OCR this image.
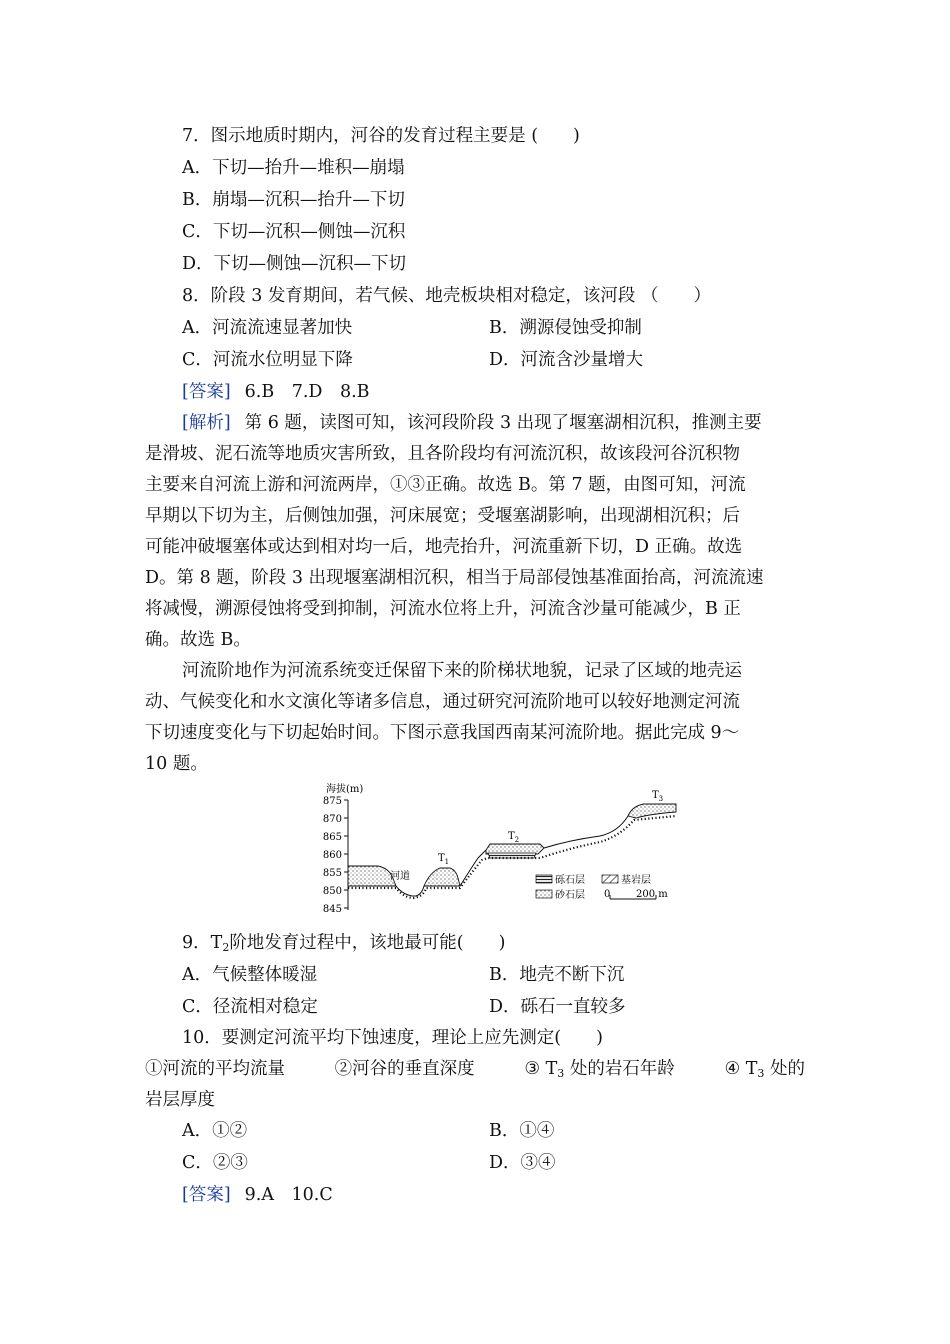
7．图示地质时期内，河谷的发育过程主要是 (　　)
A．下切—抬升—堆积—崩塌
B．崩塌—沉积—抬升—下切
C．下切—沉积—侧蚀—沉积
D．下切—侧蚀—沉积—下切
8．阶段 3 发育期间，若气候、地壳板块相对稳定，该河段 （　　）
A．河流流速显著加快	B．溯源侵蚀受抑制
C．河流水位明显下降	D．河流含沙量增大
[答案] 6.B　7.D　8.B
[解析] 第 6 题，读图可知，该河段阶段 3 出现了堰塞湖相沉积，推测主要
是滑坡、泥石流等地质灾害所致，且各阶段均有河流沉积，故该段河谷沉积物
主要来自河流上游和河流两岸，①③正确。故选 B。第 7 题，由图可知，河流
早期以下切为主，后侧蚀加强，河床展宽；受堰塞湖影响，出现湖相沉积；后
可能冲破堰塞体或达到相对均一后，地壳抬升，河流重新下切，D 正确。故选
D。第 8 题，阶段 3 出现堰塞湖相沉积，相当于局部侵蚀基准面抬高，河流流速
将减慢，溯源侵蚀将受到抑制，河流水位将上升，河流含沙量可能减少，B 正
确。故选 B。
河流阶地作为河流系统变迁保留下来的阶梯状地貌，记录了区域的地壳运
动、气候变化和水文演化等诸多信息，通过研究河流阶地可以较好地测定河流
下切速度变化与下切起始时间。下图示意我国西南某河流阶地。据此完成 9～
10 题。
海拔(m)
875
870
865
860
855
850
845
河道
$T_1$
$T_2$
$T_3$
砾石层	基岩层
砂石层 0	200 m
9．$T_2$阶地发育过程中，该地最可能(　　)
A．气候整体暖湿	B．地壳不断下沉
C．径流相对稳定	D．砾石一直较多
10．要测定河流平均下蚀速度，理论上应先测定(　　)
①河流的平均流量	②河谷的垂直深度	③ $T_3$ 处的岩石年龄	④ $T_3$ 处的
岩层厚度
A．①②	B．①④
C．②③	D．③④
[答案] 9.A　10.C
